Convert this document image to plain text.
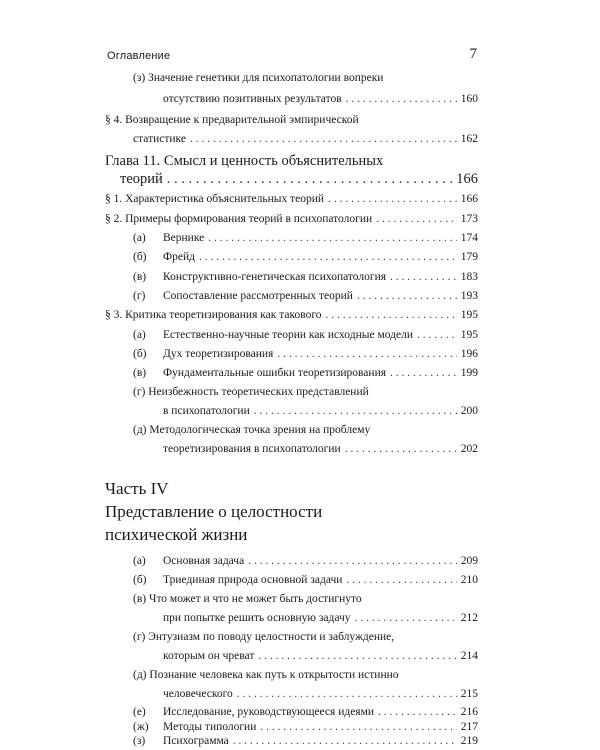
Оглавление	7
(з) Значение генетики для психопатологии вопреки
отсутствию позитивных результатов . . .	160
§ 4. Возвращение к предварительной эмпирической
статистике . . .	162
Глава 11. Смысл и ценность объяснительных
теорий . . .	166
§ 1. Характеристика объяснительных теорий . . .	166
§ 2. Примеры формирования теорий в психопатологии . . .	173
(а) Вернике . . .	174
(б) Фрейд . . .	179
(в) Конструктивно-генетическая психопатология . . .	183
(г) Сопоставление рассмотренных теорий . . .	193
§ 3. Критика теоретизирования как такового . . .	195
(а) Естественно-научные теории как исходные модели . . .	195
(б) Дух теоретизирования . . .	196
(в) Фундаментальные ошибки теоретизирования . . .	199
(г) Неизбежность теоретических представлений
в психопатологии . . .	200
(д) Методологическая точка зрения на проблему
теоретизирования в психопатологии . . .	202
Часть IV
Представление о целостности
психической жизни
(а) Основная задача . . .	209
(б) Триединая природа основной задачи . . .	210
(в) Что может и что не может быть достигнуто
при попытке решить основную задачу . . .	212
(г) Энтузиазм по поводу целостности и заблуждение,
которым он чреват . . .	214
(д) Познание человека как путь к открытости истинно
человеческого . . .	215
(е) Исследование, руководствующееся идеями . . .	216
(ж) Методы типологии . . .	217
(з) Психограмма . . .	219
